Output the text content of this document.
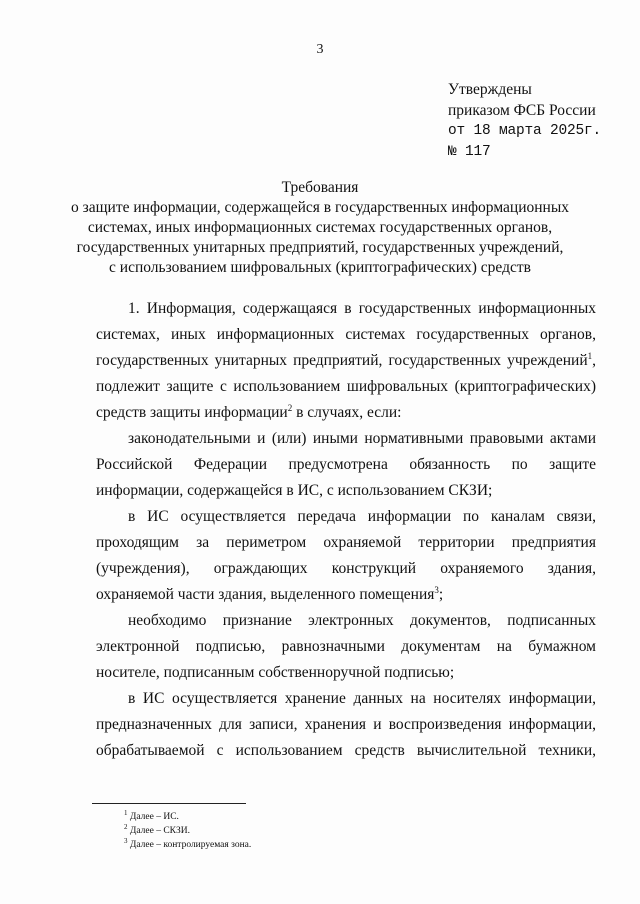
3
Утверждены
приказом ФСБ России
от 18 марта 2025г.
№ 117
Требования
о защите информации, содержащейся в государственных информационных
системах, иных информационных системах государственных органов,
государственных унитарных предприятий, государственных учреждений,
с использованием шифровальных (криптографических) средств

1. Информация, содержащаяся в государственных информационных системах, иных информационных системах государственных органов, государственных унитарных предприятий, государственных учреждений$^1$, подлежит защите с использованием шифровальных (криптографических) средств защиты информации$^2$ в случаях, если:

законодательными и (или) иными нормативными правовыми актами Российской Федерации предусмотрена обязанность по защите информации, содержащейся в ИС, с использованием СКЗИ;

в ИС осуществляется передача информации по каналам связи, проходящим за периметром охраняемой территории предприятия (учреждения), ограждающих конструкций охраняемого здания, охраняемой части здания, выделенного помещения$^3$;

необходимо признание электронных документов, подписанных электронной подписью, равнозначными документам на бумажном носителе, подписанным собственноручной подписью;

в ИС осуществляется хранение данных на носителях информации, предназначенных для записи, хранения и воспроизведения информации, обрабатываемой с использованием средств вычислительной техники,

$^1$ Далее – ИС.
$^2$ Далее – СКЗИ.
$^3$ Далее – контролируемая зона.
